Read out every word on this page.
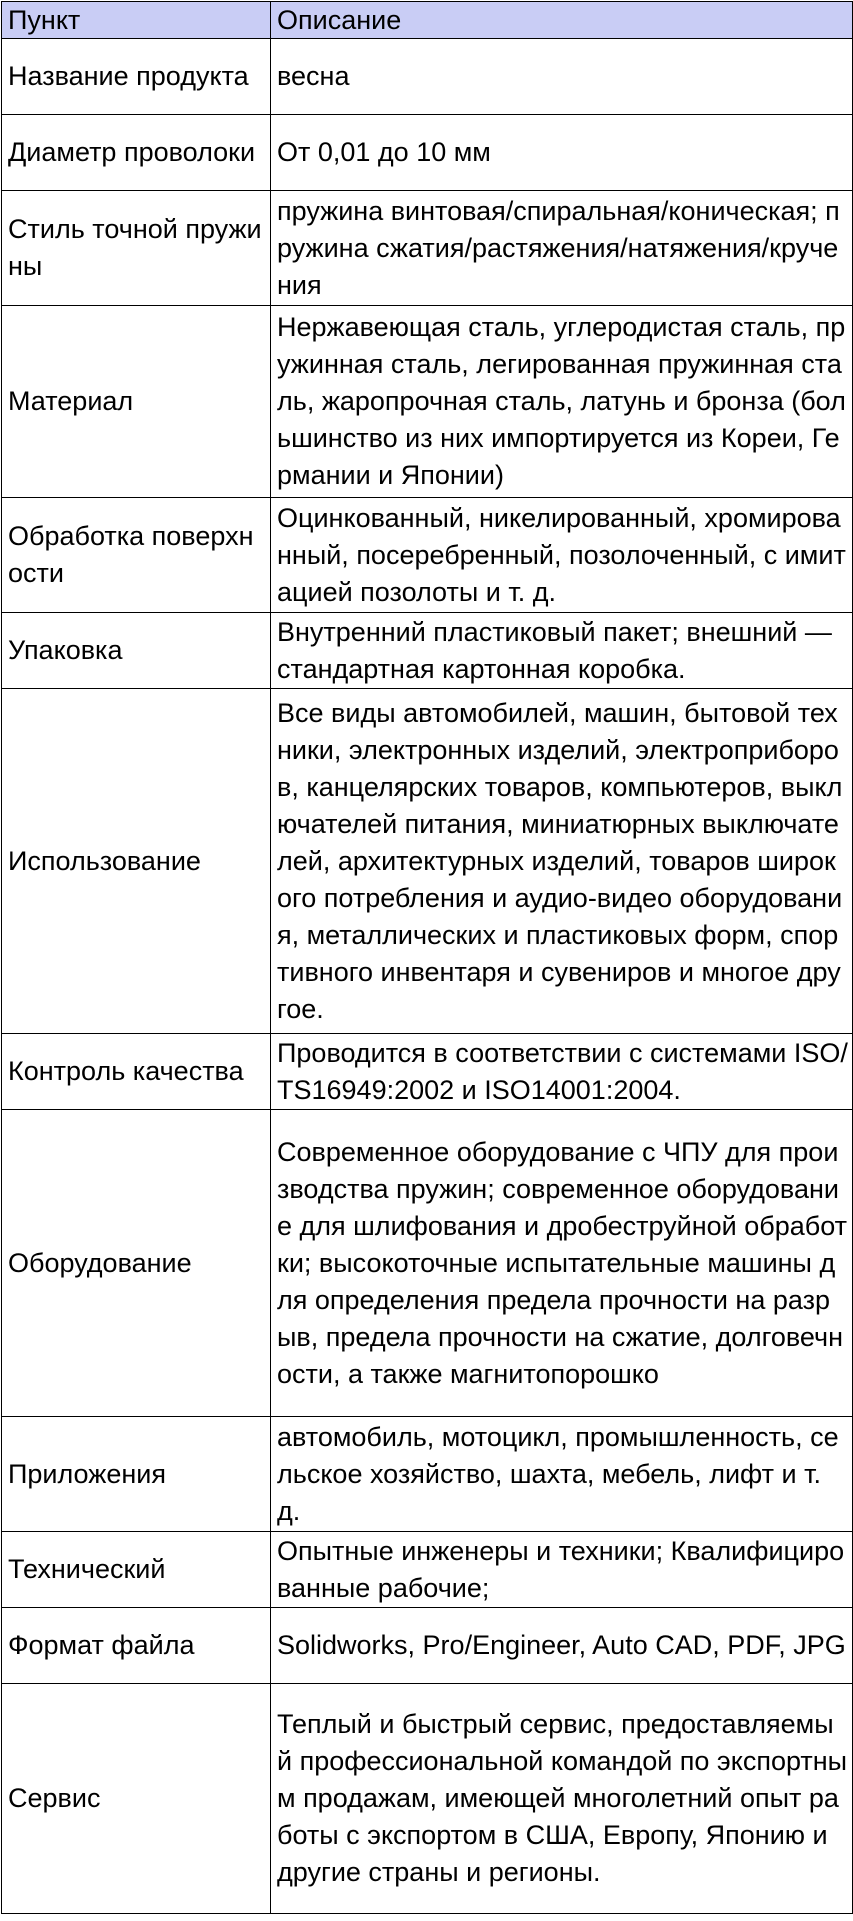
Пункт	Описание
Название продукта	весна
Диаметр проволоки	От 0,01 до 10 мм
Стиль точной пружины	пружина винтовая/спиральная/коническая; пружина сжатия/растяжения/натяжения/кручения
Материал	Нержавеющая сталь, углеродистая сталь, пружинная сталь, легированная пружинная сталь, жаропрочная сталь, латунь и бронза (большинство из них импортируется из Кореи, Германии и Японии)
Обработка поверхности	Оцинкованный, никелированный, хромированный, посеребренный, позолоченный, с имитацией позолоты и т. д.
Упаковка	Внутренний пластиковый пакет; внешний — стандартная картонная коробка.
Использование	Все виды автомобилей, машин, бытовой техники, электронных изделий, электроприборов, канцелярских товаров, компьютеров, выключателей питания, миниатюрных выключателей, архитектурных изделий, товаров широкого потребления и аудио-видео оборудования, металлических и пластиковых форм, спортивного инвентаря и сувениров и многое другое.
Контроль качества	Проводится в соответствии с системами ISO/TS16949:2002 и ISO14001:2004.
Оборудование	Современное оборудование с ЧПУ для производства пружин; современное оборудование для шлифования и дробеструйной обработки; высокоточные испытательные машины для определения предела прочности на разрыв, предела прочности на сжатие, долговечности, а также магнитопорошко
Приложения	автомобиль, мотоцикл, промышленность, сельское хозяйство, шахта, мебель, лифт и т. д.
Технический	Опытные инженеры и техники; Квалифицированные рабочие;
Формат файла	Solidworks, Pro/Engineer, Auto CAD, PDF, JPG
Сервис	Теплый и быстрый сервис, предоставляемый профессиональной командой по экспортным продажам, имеющей многолетний опыт работы с экспортом в США, Европу, Японию и другие страны и регионы.
